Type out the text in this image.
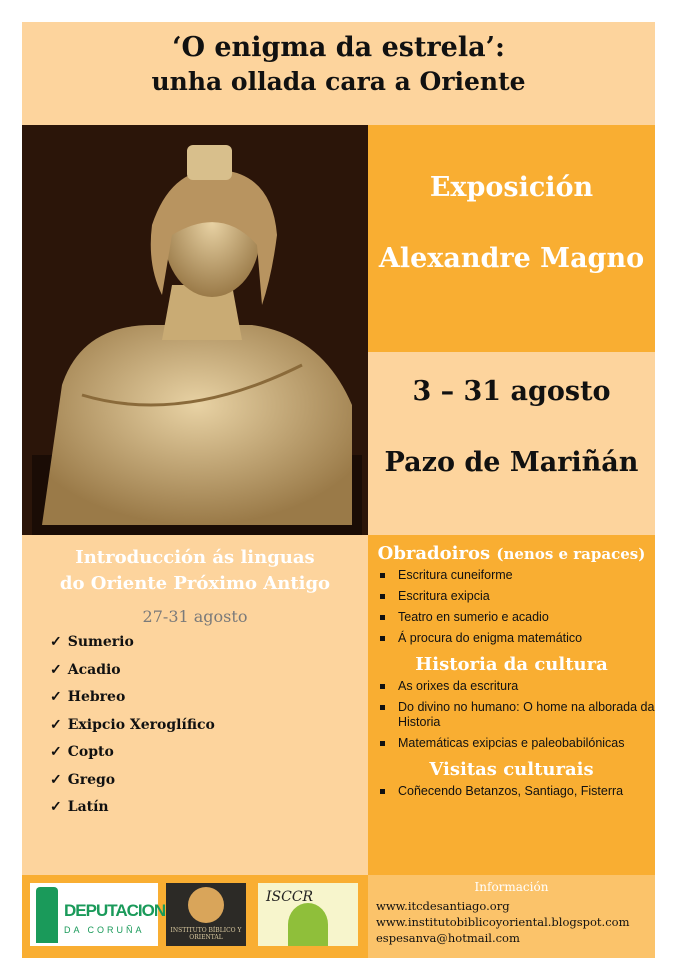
‘O enigma da estrela’:
unha ollada cara a Oriente
Exposición
Alexandre Magno
3 – 31 agosto
Pazo de Mariñán
Introducción ás linguas
do Oriente Próximo Antigo
27-31 agosto
✓ Sumerio
✓ Acadio
✓ Hebreo
✓ Exipcio Xeroglífico
✓ Copto
✓ Grego
✓ Latín
Obradoiros (nenos e rapaces)
Escritura cuneiforme
Escritura exipcia
Teatro en sumerio e acadio
Á procura do enigma matemático
Historia da cultura
As orixes da escritura
Do divino no humano: O home na alborada da Historia
Matemáticas exipcias e paleobabilónicas
Visitas culturais
Coñecendo Betanzos, Santiago, Fisterra
DEPUTACION
DA CORUÑA	INSTITUTO BÍBLICO Y ORIENTAL
ISCCR
Información
www.itcdesantiago.org
www.institutobiblicoyoriental.blogspot.com
espesanva@hotmail.com
